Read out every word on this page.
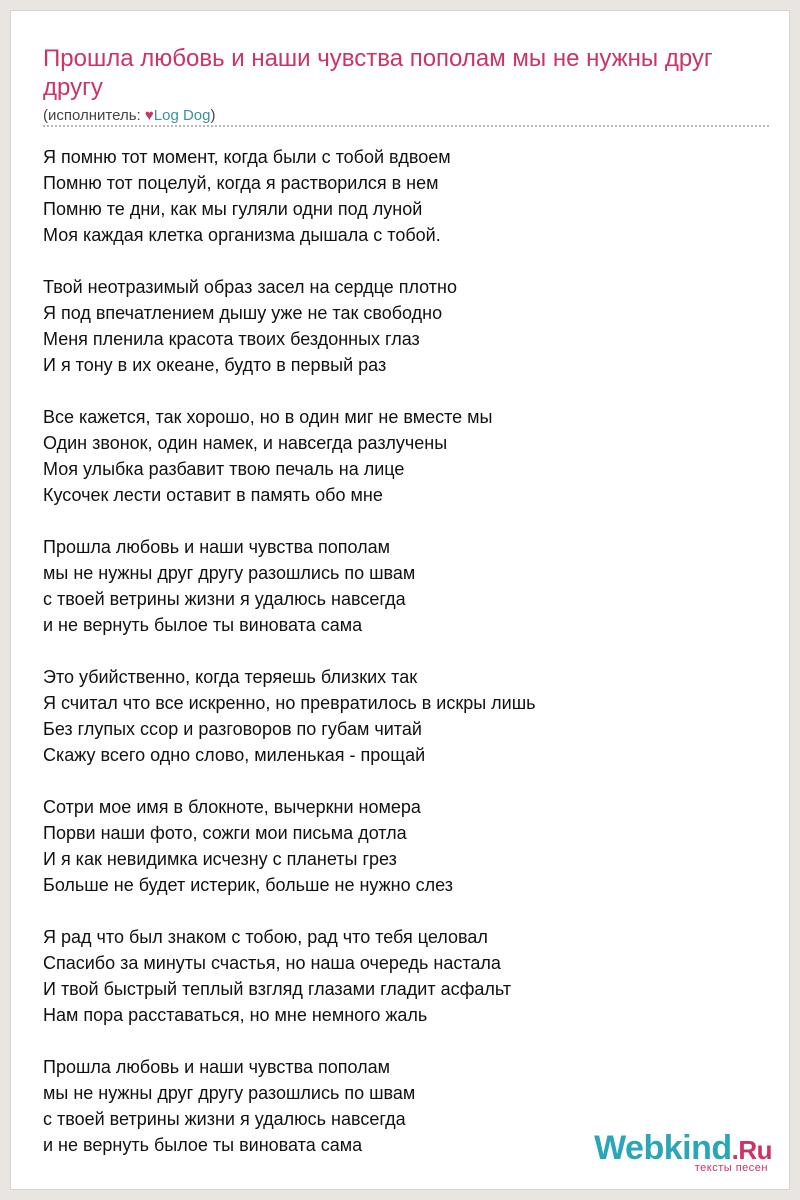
Прошла любовь и наши чувства пополам мы не нужны друг другу
(исполнитель: ♥Log Dog)
Я помню тот момент, когда были с тобой вдвоем
Помню тот поцелуй, когда я растворился в нем
Помню те дни, как мы гуляли одни под луной
Моя каждая клетка организма дышала с тобой.
Твой неотразимый образ засел на сердце плотно
Я под впечатлением дышу уже не так свободно
Меня пленила красота твоих бездонных глаз
И я тону в их океане, будто в первый раз
Все кажется, так хорошо, но в один миг не вместе мы
Один звонок, один намек, и навсегда разлучены
Моя улыбка разбавит твою печаль на лице
Кусочек лести оставит в память обо мне
Прошла любовь и наши чувства пополам
мы не нужны друг другу разошлись по швам
с твоей ветрины жизни я удалюсь навсегда
и не вернуть былое ты виновата сама
Это убийственно, когда теряешь близких так
Я считал что все искренно, но превратилось в искры лишь
Без глупых ссор и разговоров по губам читай
Скажу всего одно слово, миленькая - прощай
Сотри мое имя в блокноте, вычеркни номера
Порви наши фото, сожги мои письма дотла
И я как невидимка исчезну с планеты грез
Больше не будет истерик, больше не нужно слез
Я рад что был знаком с тобою, рад что тебя целовал
Спасибо за минуты счастья, но наша очередь настала
И твой быстрый теплый взгляд глазами гладит асфальт
Нам пора расставаться, но мне немного жаль
Прошла любовь и наши чувства пополам
мы не нужны друг другу разошлись по швам
с твоей ветрины жизни я удалюсь навсегда
и не вернуть былое ты виновата сама	Webkind.Ru
тексты песен
